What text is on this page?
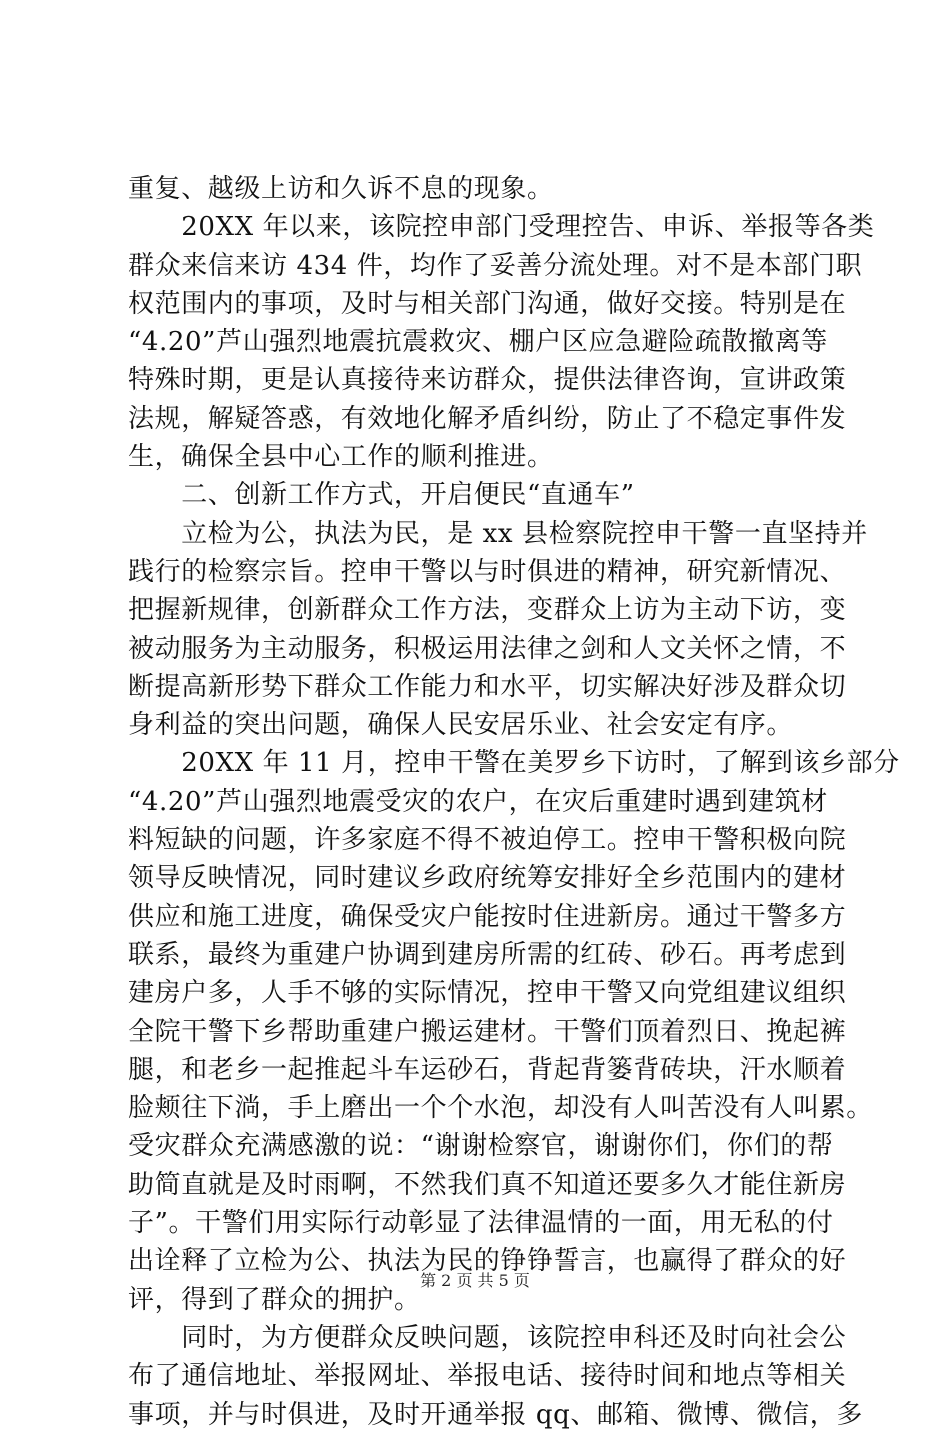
重复、越级上访和久诉不息的现象。
　　20XX 年以来，该院控申部门受理控告、申诉、举报等各类
群众来信来访 434 件，均作了妥善分流处理。对不是本部门职
权范围内的事项，及时与相关部门沟通，做好交接。特别是在
“4.20”芦山强烈地震抗震救灾、棚户区应急避险疏散撤离等
特殊时期，更是认真接待来访群众，提供法律咨询，宣讲政策
法规，解疑答惑，有效地化解矛盾纠纷，防止了不稳定事件发
生，确保全县中心工作的顺利推进。
　　二、创新工作方式，开启便民“直通车”
　　立检为公，执法为民，是 xx 县检察院控申干警一直坚持并
践行的检察宗旨。控申干警以与时俱进的精神，研究新情况、
把握新规律，创新群众工作方法，变群众上访为主动下访，变
被动服务为主动服务，积极运用法律之剑和人文关怀之情，不
断提高新形势下群众工作能力和水平，切实解决好涉及群众切
身利益的突出问题，确保人民安居乐业、社会安定有序。
　　20XX 年 11 月，控申干警在美罗乡下访时，了解到该乡部分
“4.20”芦山强烈地震受灾的农户，在灾后重建时遇到建筑材
料短缺的问题，许多家庭不得不被迫停工。控申干警积极向院
领导反映情况，同时建议乡政府统筹安排好全乡范围内的建材
供应和施工进度，确保受灾户能按时住进新房。通过干警多方
联系，最终为重建户协调到建房所需的红砖、砂石。再考虑到
建房户多，人手不够的实际情况，控申干警又向党组建议组织
全院干警下乡帮助重建户搬运建材。干警们顶着烈日、挽起裤
腿，和老乡一起推起斗车运砂石，背起背篓背砖块，汗水顺着
脸颊往下淌，手上磨出一个个水泡，却没有人叫苦没有人叫累。
受灾群众充满感激的说：“谢谢检察官，谢谢你们，你们的帮
助简直就是及时雨啊，不然我们真不知道还要多久才能住新房
子”。干警们用实际行动彰显了法律温情的一面，用无私的付
出诠释了立检为公、执法为民的铮铮誓言，也赢得了群众的好
评，得到了群众的拥护。
　　同时，为方便群众反映问题，该院控申科还及时向社会公
布了通信地址、举报网址、举报电话、接待时间和地点等相关
事项，并与时俱进，及时开通举报 qq、邮箱、微博、微信，多
第 2 页 共 5 页
